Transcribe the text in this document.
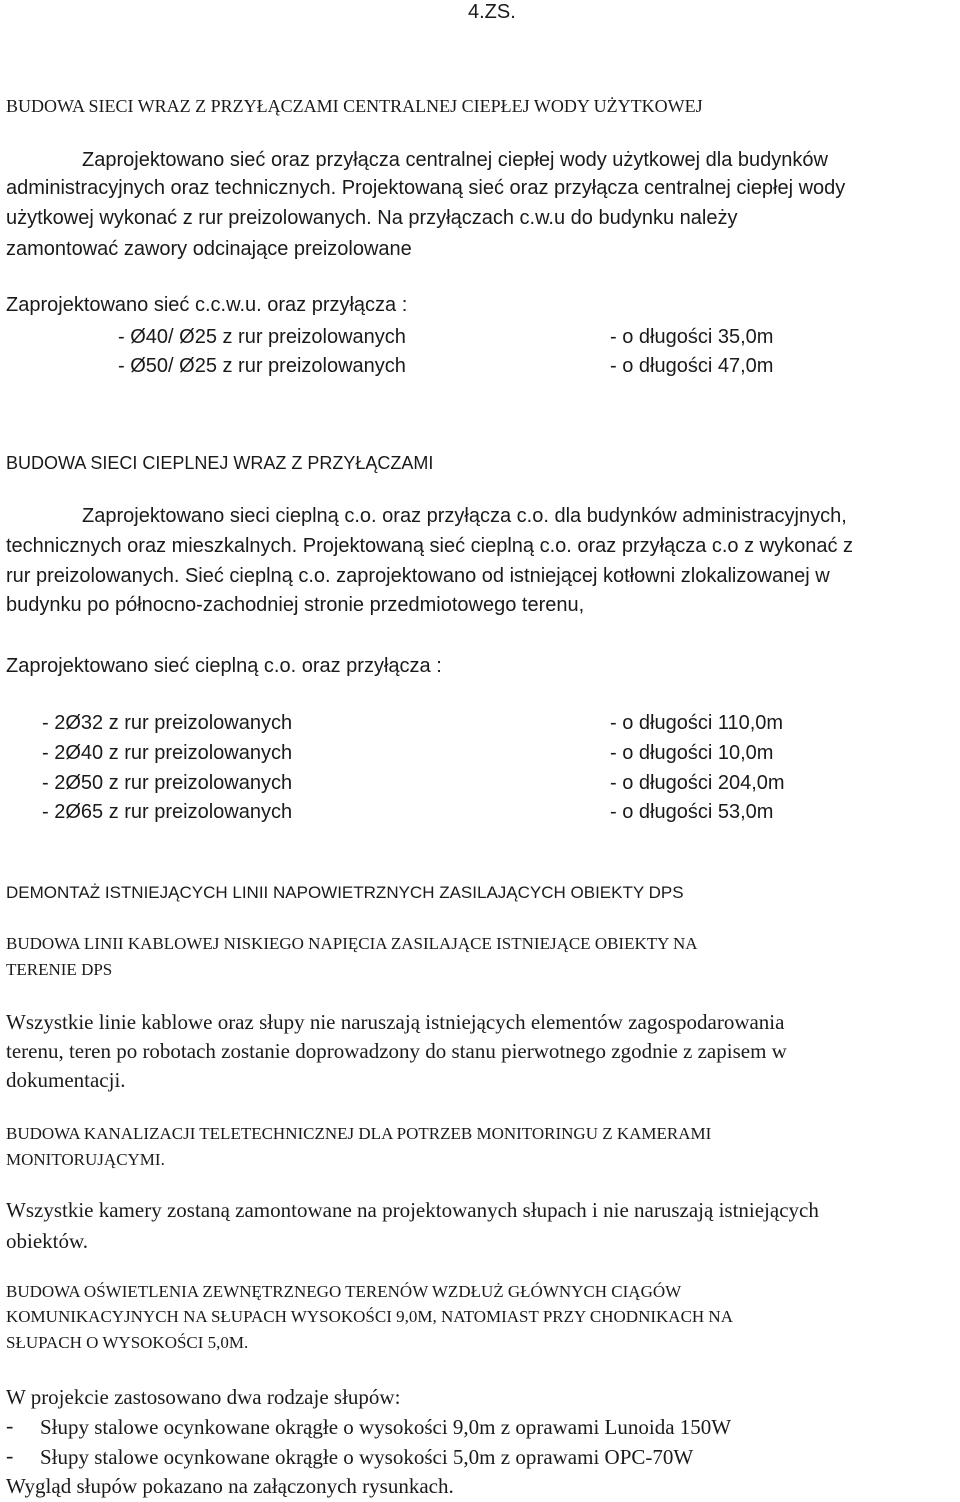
4.ZS.
BUDOWA SIECI WRAZ Z PRZYŁĄCZAMI CENTRALNEJ CIEPŁEJ WODY UŻYTKOWEJ
Zaprojektowano sieć oraz przyłącza centralnej ciepłej wody użytkowej dla budynków
administracyjnych oraz technicznych. Projektowaną sieć oraz przyłącza centralnej ciepłej wody
użytkowej wykonać z rur preizolowanych. Na przyłączach c.w.u do budynku należy
zamontować zawory odcinające preizolowane
Zaprojektowano sieć c.c.w.u. oraz przyłącza :
- Ø40/ Ø25 z rur preizolowanych	- o długości 35,0m
- Ø50/ Ø25 z rur preizolowanych	- o długości 47,0m
BUDOWA SIECI CIEPLNEJ WRAZ Z PRZYŁĄCZAMI
Zaprojektowano sieci cieplną c.o. oraz przyłącza c.o. dla budynków administracyjnych,
technicznych oraz mieszkalnych. Projektowaną sieć cieplną c.o. oraz przyłącza c.o z wykonać z
rur preizolowanych. Sieć cieplną c.o. zaprojektowano od istniejącej kotłowni zlokalizowanej w
budynku po północno-zachodniej stronie przedmiotowego terenu,
Zaprojektowano sieć cieplną c.o. oraz przyłącza :
- 2Ø32 z rur preizolowanych	- o długości 110,0m
- 2Ø40 z rur preizolowanych	- o długości 10,0m
- 2Ø50 z rur preizolowanych	- o długości 204,0m
- 2Ø65 z rur preizolowanych	- o długości 53,0m
DEMONTAŻ ISTNIEJĄCYCH LINII NAPOWIETRZNYCH ZASILAJĄCYCH OBIEKTY DPS
BUDOWA LINII KABLOWEJ NISKIEGO NAPIĘCIA ZASILAJĄCE ISTNIEJĄCE OBIEKTY NA
TERENIE DPS
Wszystkie linie kablowe oraz słupy nie naruszają istniejących elementów zagospodarowania
terenu, teren po robotach zostanie doprowadzony do stanu pierwotnego zgodnie z zapisem w
dokumentacji.
BUDOWA KANALIZACJI TELETECHNICZNEJ DLA POTRZEB MONITORINGU Z KAMERAMI
MONITORUJĄCYMI.
Wszystkie kamery zostaną zamontowane na projektowanych słupach i nie naruszają istniejących
obiektów.
BUDOWA OŚWIETLENIA ZEWNĘTRZNEGO TERENÓW WZDŁUŻ GŁÓWNYCH CIĄGÓW
KOMUNIKACYJNYCH NA SŁUPACH WYSOKOŚCI 9,0M, NATOMIAST PRZY CHODNIKACH NA
SŁUPACH O WYSOKOŚCI 5,0M.
W projekcie zastosowano dwa rodzaje słupów:
- Słupy stalowe ocynkowane okrągłe o wysokości 9,0m z oprawami Lunoida 150W
- Słupy stalowe ocynkowane okrągłe o wysokości 5,0m z oprawami OPC-70W
Wygląd słupów pokazano na załączonych rysunkach.
